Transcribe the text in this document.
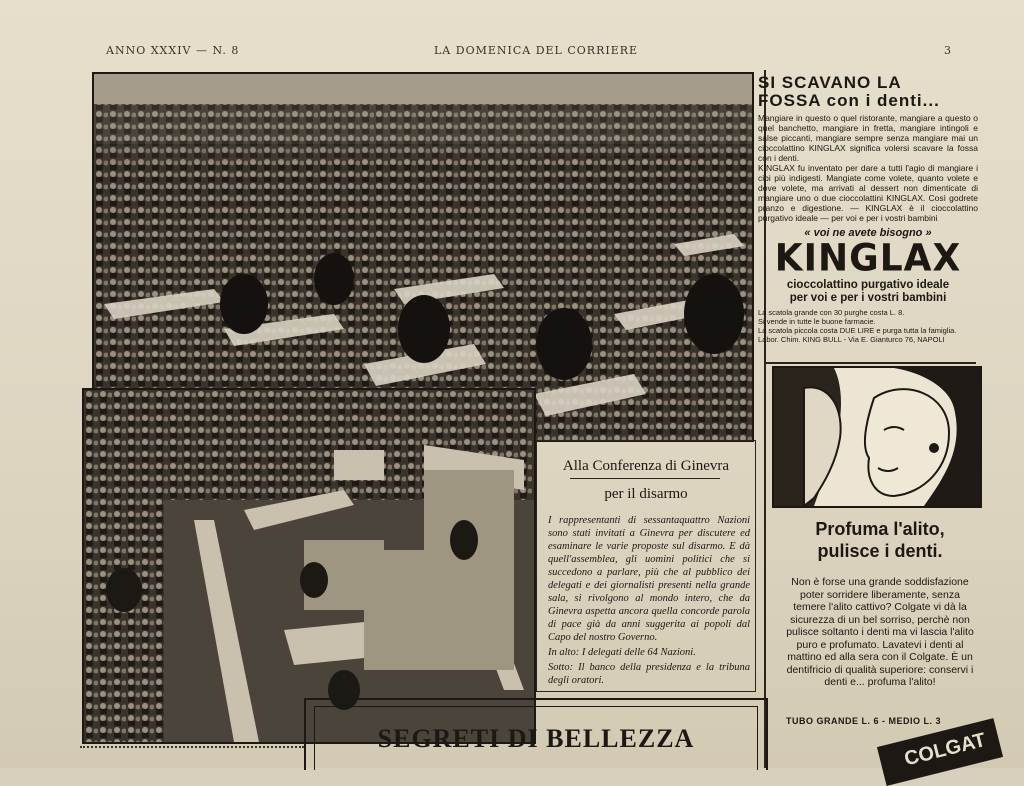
ANNO XXXIV — N. 8	LA DOMENICA DEL CORRIERE	3
Alla Conferenza di Ginevra
per il disarmo

I rappresentanti di sessantaquattro Nazioni sono stati invitati a Ginevra per discutere ed esaminare le varie proposte sul disarmo. E dà quell'assemblea, gli uomini politici che si succedono a parlare, più che al pubblico dei delegati e dei giornalisti presenti nella grande sala, si rivolgono al mondo intero, che da Ginevra aspetta ancora quella concorde parola di pace già da anni suggerita ai popoli dal Capo del nostro Governo.

In alto: I delegati delle 64 Nazioni.

Sotto: Il banco della presidenza e la tribuna degli oratori.

SI SCAVANO LA
FOSSA con i denti...

Mangiare in questo o quel ristorante, mangiare a questo o quel banchetto, mangiare in fretta, mangiare intingoli e salse piccanti, mangiare sempre senza mangiare mai un cioccolattino KINGLAX significa volersi scavare la fossa con i denti.

KINGLAX fu inventato per dare a tutti l'agio di mangiare i cibi più indigesti. Mangiate come volete, quanto volete e dove volete, ma arrivati al dessert non dimenticate di mangiare uno o due cioccolattini KINGLAX. Così godrete pranzo e digestione. — KINGLAX è il cioccolattino purgativo ideale — per voi e per i vostri bambini

« voi ne avete bisogno »

KINGLAX

cioccolattino purgativo ideale

per voi e per i vostri bambini

La scatola grande con 30 purghe costa L. 8.

Si vende in tutte le buone farmacie.

La scatola piccola costa DUE LIRE e purga tutta la famiglia.

Labor. Chim. KING BULL - Via E. Gianturco 76, NAPOLI

Profuma l'alito,
pulisce i denti.
Non è forse una grande soddisfazione poter sorridere liberamente, senza temere l'alito cattivo? Colgate vi dà la sicurezza di un bel sorriso, perchè non pulisce soltanto i denti ma vi lascia l'alito puro e profumato. Lavatevi i denti al mattino ed alla sera con il Colgate. È un dentifricio di qualità superiore: conservi i denti e... profuma l'alito!
TUBO GRANDE L. 6 - MEDIO L. 3
COLGAT
SEGRETI DI BELLEZZA
